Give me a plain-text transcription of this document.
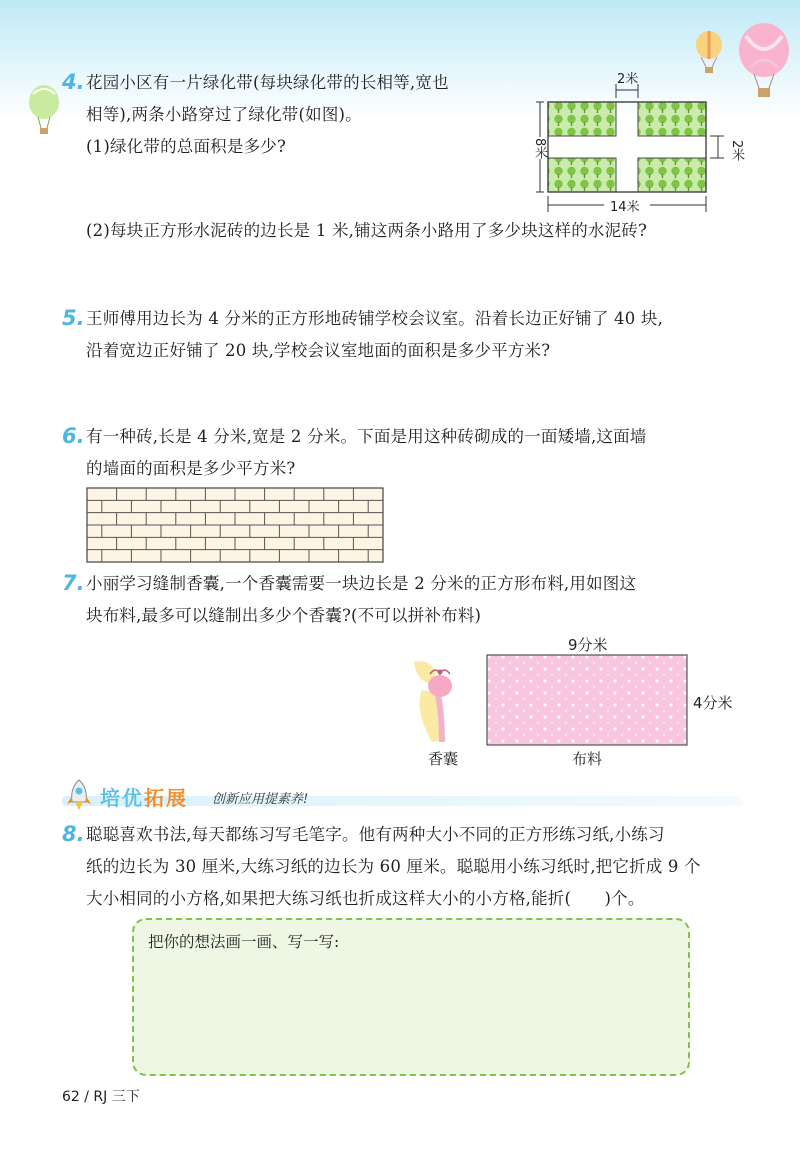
4. 花园小区有一片绿化带(每块绿化带的长相等,宽也
相等),两条小路穿过了绿化带(如图)。
(1)绿化带的总面积是多少?
2米
8米	2米
14米
(2)每块正方形水泥砖的边长是 1 米,铺这两条小路用了多少块这样的水泥砖?
5. 王师傅用边长为 4 分米的正方形地砖铺学校会议室。沿着长边正好铺了 40 块,
沿着宽边正好铺了 20 块,学校会议室地面的面积是多少平方米?
6. 有一种砖,长是 4 分米,宽是 2 分米。下面是用这种砖砌成的一面矮墙,这面墙
的墙面的面积是多少平方米?
7. 小丽学习缝制香囊,一个香囊需要一块边长是 2 分米的正方形布料,用如图这
块布料,最多可以缝制出多少个香囊?(不可以拼补布料)
9分米
4分米
香囊	布料
培优拓展 创新应用提素养!
8. 聪聪喜欢书法,每天都练习写毛笔字。他有两种大小不同的正方形练习纸,小练习
纸的边长为 30 厘米,大练习纸的边长为 60 厘米。聪聪用小练习纸时,把它折成 9 个
大小相同的小方格,如果把大练习纸也折成这样大小的小方格,能折(　　)个。
把你的想法画一画、写一写:
62 / RJ 三下
